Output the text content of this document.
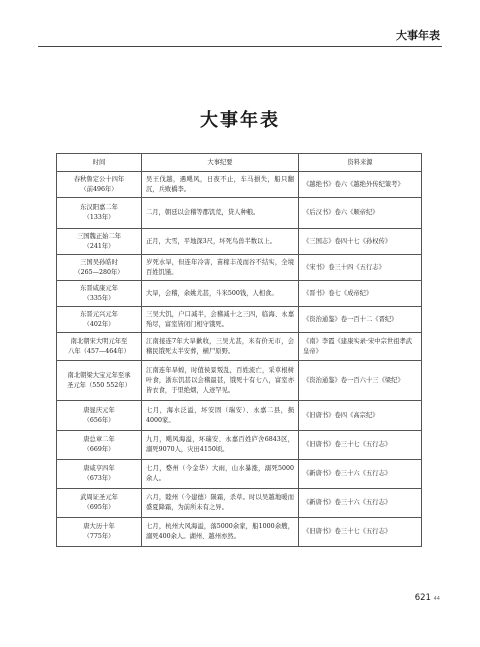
大事年表
大事年表
时间	大事纪要	资料来源
春秋鲁定公十四年
（前496年）	吴王伐越，遇飓风，日夜不止，车马損失，船只翻沉，兵败橋李。	《越绝书》卷六《越绝外传纪策考》
东汉阳嘉二年
（133年）	二月，朝廷以会稽等郡饥荒，贷人种粮。	《后汉书》卷六《顺帝纪》
三国魏正始二年
（241年）	正月，大雪，平地深3尺，坏死鸟兽半数以上。	《三国志》卷四十七《孙权传》
三国吴孙皓时
（265—280年）	岁死水旱，但连年冷害，苗稼丰茂而谷不结实，全境百姓饥馑。	《宋书》卷三十四《五行志》
东晋咸康元年
（335年）	大旱，会稽，余姚尤甚，斗米500钱，人相食。	《晋书》卷七《成帝纪》
东晋元兴元年
（402年）	三吴大饥，户口减半，会稽减十之三四，临海、永嘉殆尽，富室皆闭门相守饿死。	《资治通鉴》卷一百十二《晋纪》
南北朝宋大明元年至
八年（457—464年）	江南接连7年大旱歉收，三吴尤甚，米有价无市，会稽民饿死太半安葬，横尸原野。	《南》李霞《建康实录·宋中宗世祖孝武皇帝》
南北朝梁大宝元年至承
圣元年（550 552年）	江南连年旱蝗，时值侯景叛乱，百姓流亡，采草根树叶食，浙东饥甚以会稽最甚，饿死十有七八，富室亦皆衣食，于里绝烟，人迹罕见。	《资治通鉴》卷一百六十三《梁纪》
唐显庆元年
（656年）	七月，海水泛溢，坏安固（瑞安）、永嘉二县，损4000家。	《旧唐书》卷四《高宗纪》
唐总章二年
（669年）	九月，飓风海溢，坏瑞安、永嘉百姓庐舍6843区，溺死9070人，灾田4150顷。	《旧唐书》卷三十七《五行志》
唐咸亨四年
（673年）	七月，婺州（今金华）大雨，山水暴涨，溺死5000余人。	《新唐书》卷三十六《五行志》
武周证圣元年
（695年）	六月，睦州（今建德）陨霜，杀草。时以吴越地暖而盛夏降霜，为前所未有之异。	《新唐书》卷三十六《五行志》
唐大历十年
（775年）	七月，杭州大风海溢，落5000余家，船1000余艘，溺死400余人。湖州、越州亦然。	《旧唐书》卷三十七《五行志》
621 44
